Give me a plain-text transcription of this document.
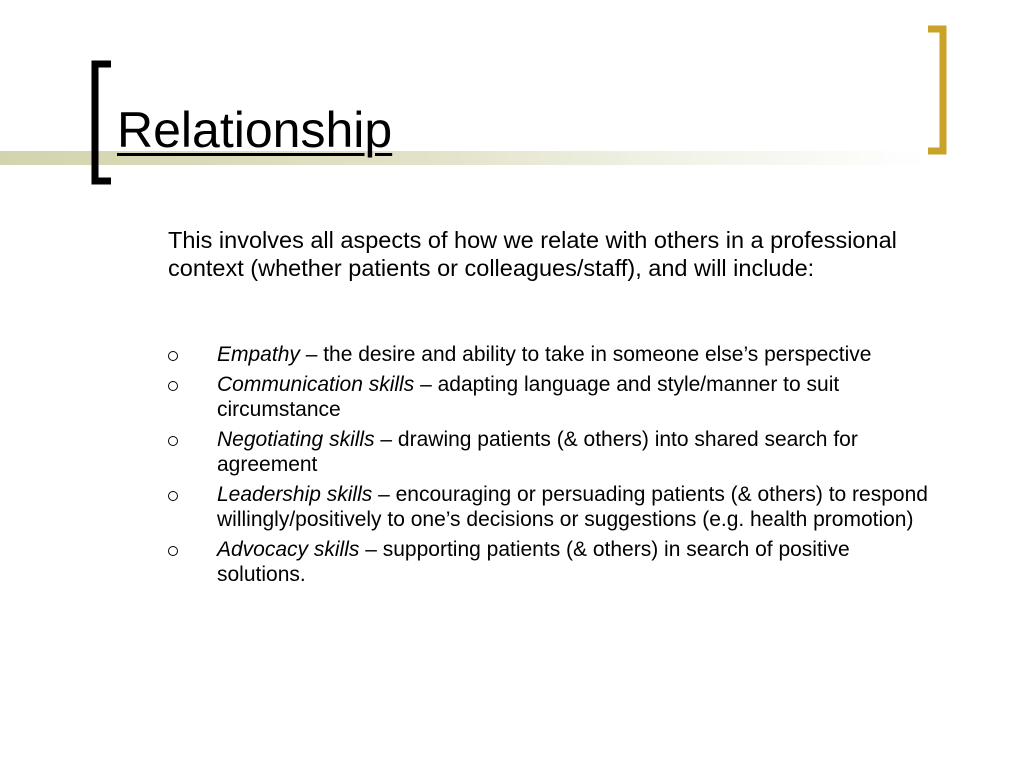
Relationship

This involves all aspects of how we relate with others in a professional context (whether patients or colleagues/staff), and will include:

Empathy – the desire and ability to take in someone else’s perspective
Communication skills – adapting language and style/manner to suit circumstance
Negotiating skills – drawing patients (& others) into shared search for agreement
Leadership skills – encouraging or persuading patients (& others) to respond willingly/positively to one’s decisions or suggestions (e.g. health promotion)
Advocacy skills – supporting patients (& others) in search of positive solutions.
